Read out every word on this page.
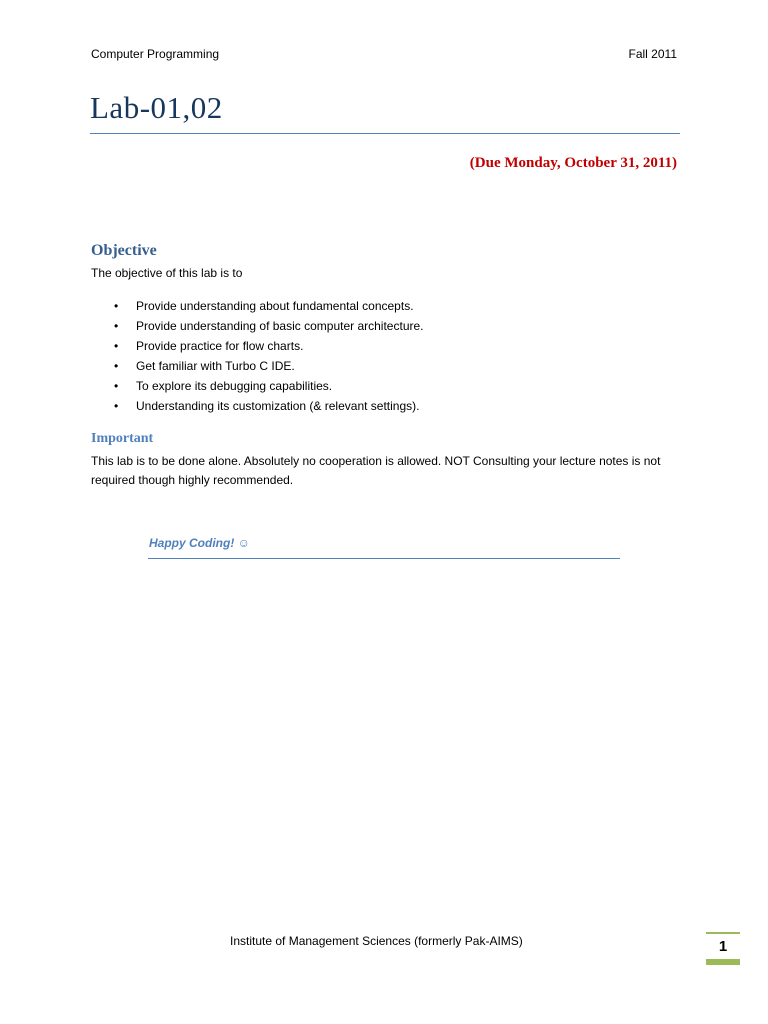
Computer Programming	Fall 2011
Lab-01,02
(Due Monday, October 31, 2011)
Objective
The objective of this lab is to
• Provide understanding about fundamental concepts.
• Provide understanding of basic computer architecture.
• Provide practice for flow charts.
• Get familiar with Turbo C IDE.
• To explore its debugging capabilities.
• Understanding its customization (& relevant settings).
Important
This lab is to be done alone. Absolutely no cooperation is allowed. NOT Consulting your lecture notes is not required though highly recommended.
Happy Coding! ☺
Institute of Management Sciences (formerly Pak-AIMS)	1
